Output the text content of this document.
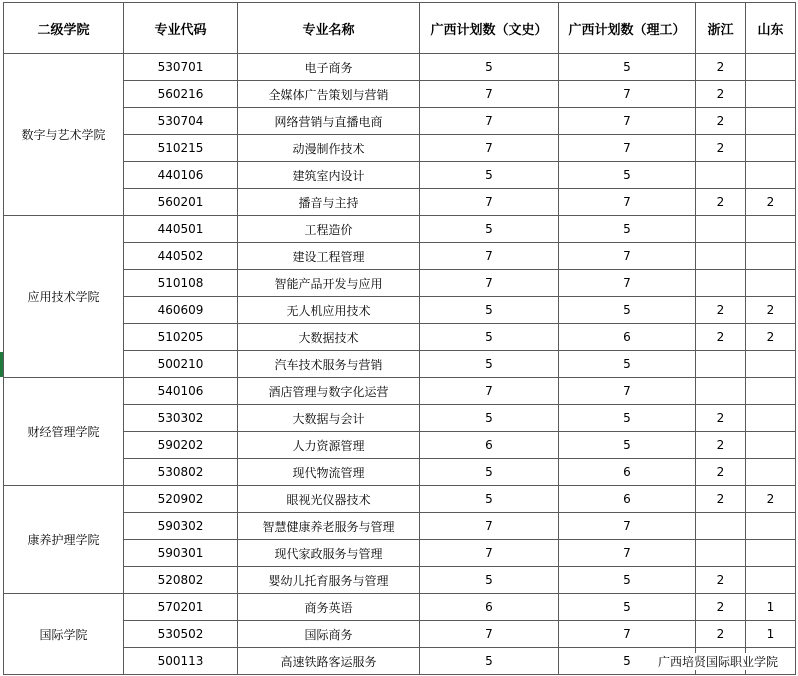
二级学院	专业代码	专业名称	广西计划数（文史）	广西计划数（理工）	浙江	山东
数字与艺术学院	530701	电子商务	5	5	2	
	560216	全媒体广告策划与营销	7	7	2	
	530704	网络营销与直播电商	7	7	2	
	510215	动漫制作技术	7	7	2	
	440106	建筑室内设计	5	5		
	560201	播音与主持	7	7	2	2
应用技术学院	440501	工程造价	5	5		
	440502	建设工程管理	7	7		
	510108	智能产品开发与应用	7	7		
	460609	无人机应用技术	5	5	2	2
	510205	大数据技术	5	6	2	2
	500210	汽车技术服务与营销	5	5		
财经管理学院	540106	酒店管理与数字化运营	7	7		
	530302	大数据与会计	5	5	2	
	590202	人力资源管理	6	5	2	
	530802	现代物流管理	5	6	2	
康养护理学院	520902	眼视光仪器技术	5	6	2	2
	590302	智慧健康养老服务与管理	7	7		
	590301	现代家政服务与管理	7	7		
	520802	婴幼儿托育服务与管理	5	5	2	
国际学院	570201	商务英语	6	5	2	1
	530502	国际商务	7	7	2	1
	500113	高速铁路客运服务	5	5		广西培贤国际职业学院
